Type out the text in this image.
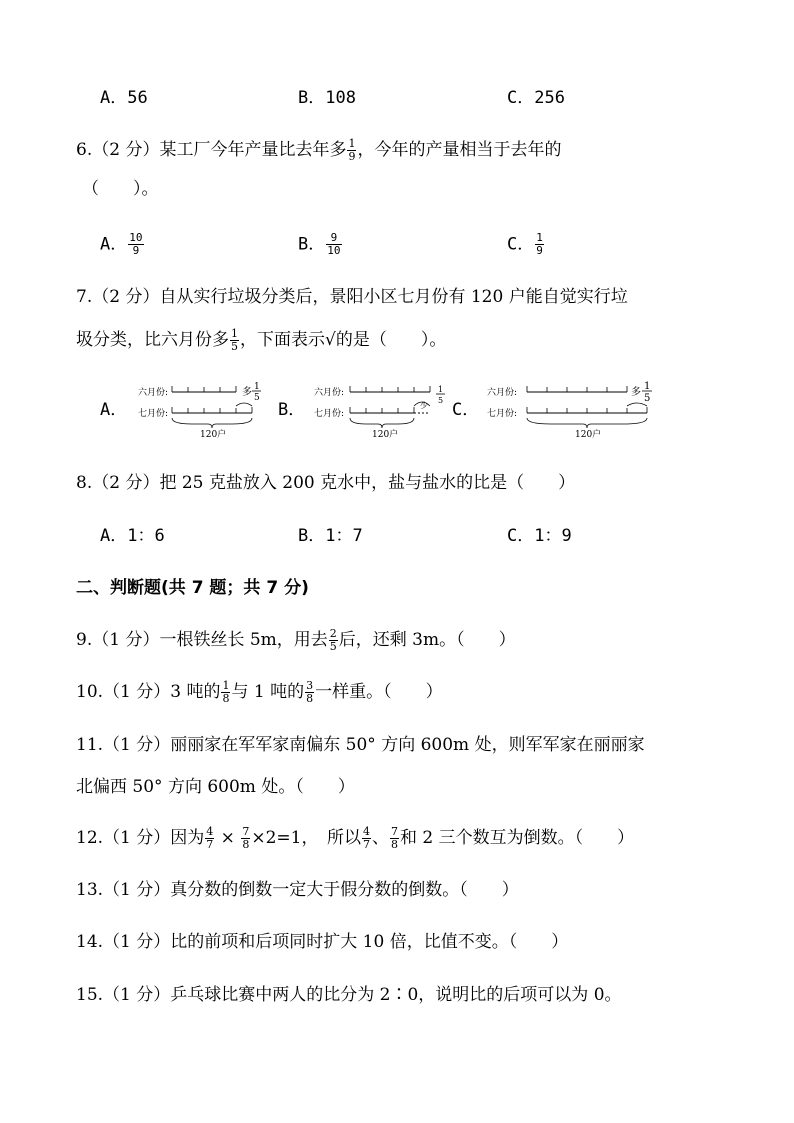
A．56	B．108	C．256
6.（2 分）某工厂今年产量比去年多 $\frac{1}{9}$ ，今年的产量相当于去年的
（　　）。
A． $\frac{10}{9}$	B． $\frac{9}{10}$	C． $\frac{1}{9}$
7.（2 分）自从实行垃圾分类后，景阳小区七月份有 120 户能自觉实行垃
圾分类，比六月份多 $\frac{1}{5}$ ，下面表示√的是（　　）。
A．
六月份:	多 1
5
七月份:
120户
B．
六月份:
少
1
5
七月份:
120户
C．
六月份:	多
1
5
七月份:
120户
8.（2 分）把 25 克盐放入 200 克水中，盐与盐水的比是（　　）
A．1：6	B．1：7	C．1：9
二、判断题(共 7 题；共 7 分)
9.（1 分）一根铁丝长 5m，用去 $\frac{2}{5}$ 后，还剩 3m。（　　）
10.（1 分）3 吨的 $\frac{1}{8}$ 与 1 吨的 $\frac{3}{8}$ 一样重。（　　）
11.（1 分）丽丽家在军军家南偏东 50° 方向 600m 处，则军军家在丽丽家
北偏西 50° 方向 600m 处。（　　）
12.（1 分）因为 $\frac{4}{7} \times \frac{7}{8} \times 2=1$，　所以 $\frac{4}{7}$ 、 $\frac{7}{8}$ 和 2 三个数互为倒数。（　　）
13.（1 分）真分数的倒数一定大于假分数的倒数。（　　）
14.（1 分）比的前项和后项同时扩大 10 倍，比值不变。（　　）
15.（1 分）乒乓球比赛中两人的比分为 2∶0，说明比的后项可以为 0。
